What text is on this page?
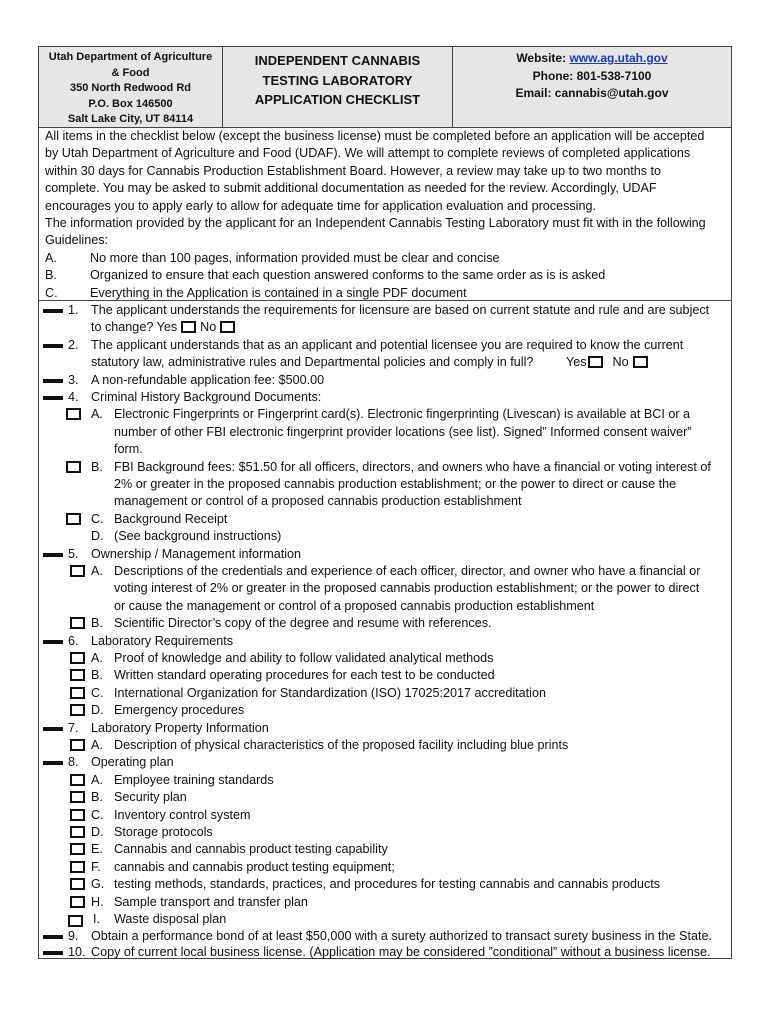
Utah Department of Agriculture
& Food
350 North Redwood Rd
P.O. Box 146500
Salt Lake City, UT 84114
INDEPENDENT CANNABIS
TESTING LABORATORY
APPLICATION CHECKLIST
Website: www.ag.utah.gov
Phone: 801-538-7100
Email: cannabis@utah.gov

All items in the checklist below (except the business license) must be completed before an application will be accepted

by Utah Department of Agriculture and Food (UDAF). We will attempt to complete reviews of completed applications

within 30 days for Cannabis Production Establishment Board. However, a review may take up to two months to

complete. You may be asked to submit additional documentation as needed for the review. Accordingly, UDAF

encourages you to apply early to allow for adequate time for application evaluation and processing.

The information provided by the applicant for an Independent Cannabis Testing Laboratory must fit with in the following

Guidelines:

A.	No more than 100 pages, information provided must be clear and concise
B.	Organized to ensure that each question answered conforms to the same order as is is asked
C.	Everything in the Application is contained in a single PDF document
1. The applicant understands the requirements for licensure are based on current statute and rule and are subject
to change? Yes No
2. The applicant understands that as an applicant and potential licensee you are required to know the current
statutory law, administrative rules and Departmental policies and comply in full?	Yes No
3. A non-refundable application fee: $500.00
4. Criminal History Background Documents:
A. Electronic Fingerprints or Fingerprint card(s). Electronic fingerprinting (Livescan) is available at BCI or a
number of other FBI electronic fingerprint provider locations (see list). Signed” Informed consent waiver”
form.
B. FBI Background fees: $51.50 for all officers, directors, and owners who have a financial or voting interest of
2% or greater in the proposed cannabis production establishment; or the power to direct or cause the
management or control of a proposed cannabis production establishment
C. Background Receipt
D. (See background instructions)
5. Ownership / Management information
A. Descriptions of the credentials and experience of each officer, director, and owner who have a financial or
voting interest of 2% or greater in the proposed cannabis production establishment; or the power to direct
or cause the management or control of a proposed cannabis production establishment
B. Scientific Director’s copy of the degree and resume with references.
6. Laboratory Requirements
A. Proof of knowledge and ability to follow validated analytical methods
B. Written standard operating procedures for each test to be conducted
C. International Organization for Standardization (ISO) 17025:2017 accreditation
D. Emergency procedures
7. Laboratory Property Information
A. Description of physical characteristics of the proposed facility including blue prints
8. Operating plan
A. Employee training standards
B. Security plan
C. Inventory control system
D. Storage protocols
E. Cannabis and cannabis product testing capability
F. cannabis and cannabis product testing equipment;
G. testing methods, standards, practices, and procedures for testing cannabis and cannabis products
H. Sample transport and transfer plan
I. Waste disposal plan
9. Obtain a performance bond of at least $50,000 with a surety authorized to transact surety business in the State.
10. Copy of current local business license. (Application may be considered ”conditional” without a business license.
